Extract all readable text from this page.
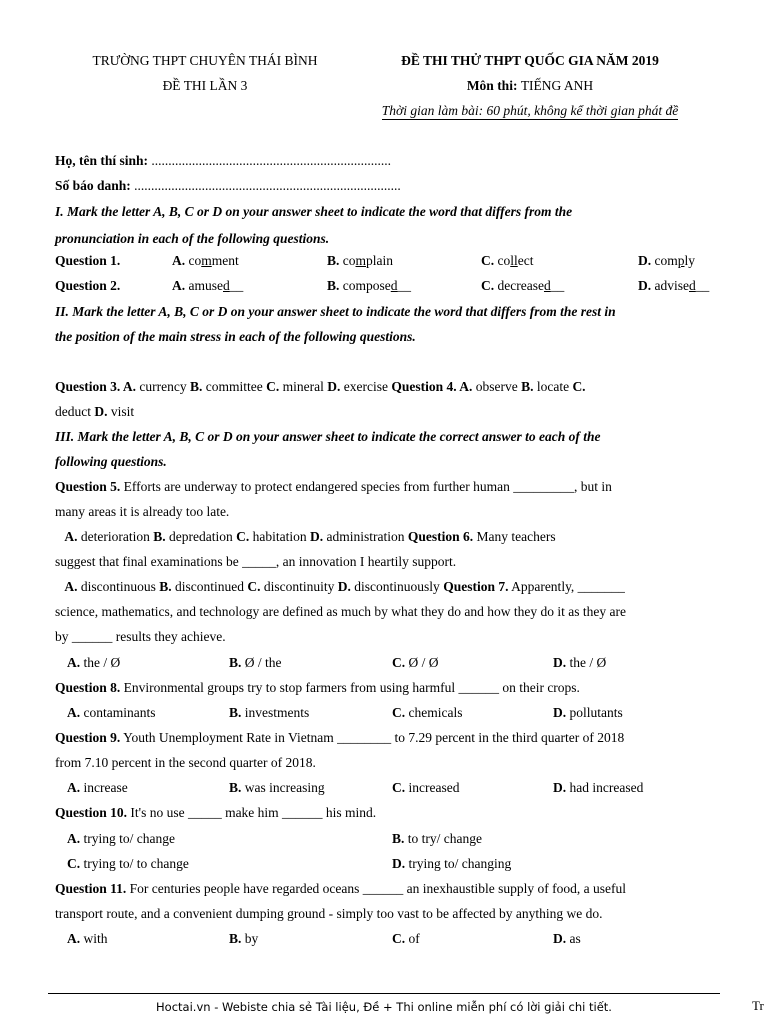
TRƯỜNG THPT CHUYÊN THÁI BÌNH
ĐỀ THI LẦN 3
ĐỀ THI THỬ THPT QUỐC GIA NĂM 2019
Môn thi: TIẾNG ANH
Thời gian làm bài: 60 phút, không kể thời gian phát đề
Họ, tên thí sinh: .......................................................................
Số báo danh: ...............................................................................
I. Mark the letter A, B, C or D on your answer sheet to indicate the word that differs from the
pronunciation in each of the following questions.
Question 1.	A. comment	B. complain	C. collect	D. comply
Question 2.	A. amused__	B. composed__	C. decreased__	D. advised__
II. Mark the letter A, B, C or D on your answer sheet to indicate the word that differs from the rest in
the position of the main stress in each of the following questions.
Question 3. A. currency B. committee C. mineral D. exercise Question 4. A. observe B. locate C.
deduct D. visit
III. Mark the letter A, B, C or D on your answer sheet to indicate the correct answer to each of the
following questions.
Question 5. Efforts are underway to protect endangered species from further human _________, but in
many areas it is already too late.
A. deterioration B. depredation C. habitation D. administration Question 6. Many teachers
suggest that final examinations be _____, an innovation I heartily support.
A. discontinuous B. discontinued C. discontinuity D. discontinuously Question 7. Apparently, _______
science, mathematics, and technology are defined as much by what they do and how they do it as they are
by ______ results they achieve.
A. the / Ø	B. Ø / the	C. Ø / Ø	D. the / Ø
Question 8. Environmental groups try to stop farmers from using harmful ______ on their crops.
A. contaminants	B. investments	C. chemicals	D. pollutants
Question 9. Youth Unemployment Rate in Vietnam ________ to 7.29 percent in the third quarter of 2018
from 7.10 percent in the second quarter of 2018.
A. increase	B. was increasing	C. increased	D. had increased
Question 10. It's no use _____ make him ______ his mind.
A. trying to/ change	B. to try/ change
C. trying to/ to change	D. trying to/ changing
Question 11. For centuries people have regarded oceans ______ an inexhaustible supply of food, a useful
transport route, and a convenient dumping ground - simply too vast to be affected by anything we do.
A. with	B. by	C. of	D. as
Hoctai.vn - Webiste chia sẻ Tài liệu, Đề + Thi online miễn phí có lời giải chi tiết.	Tr
